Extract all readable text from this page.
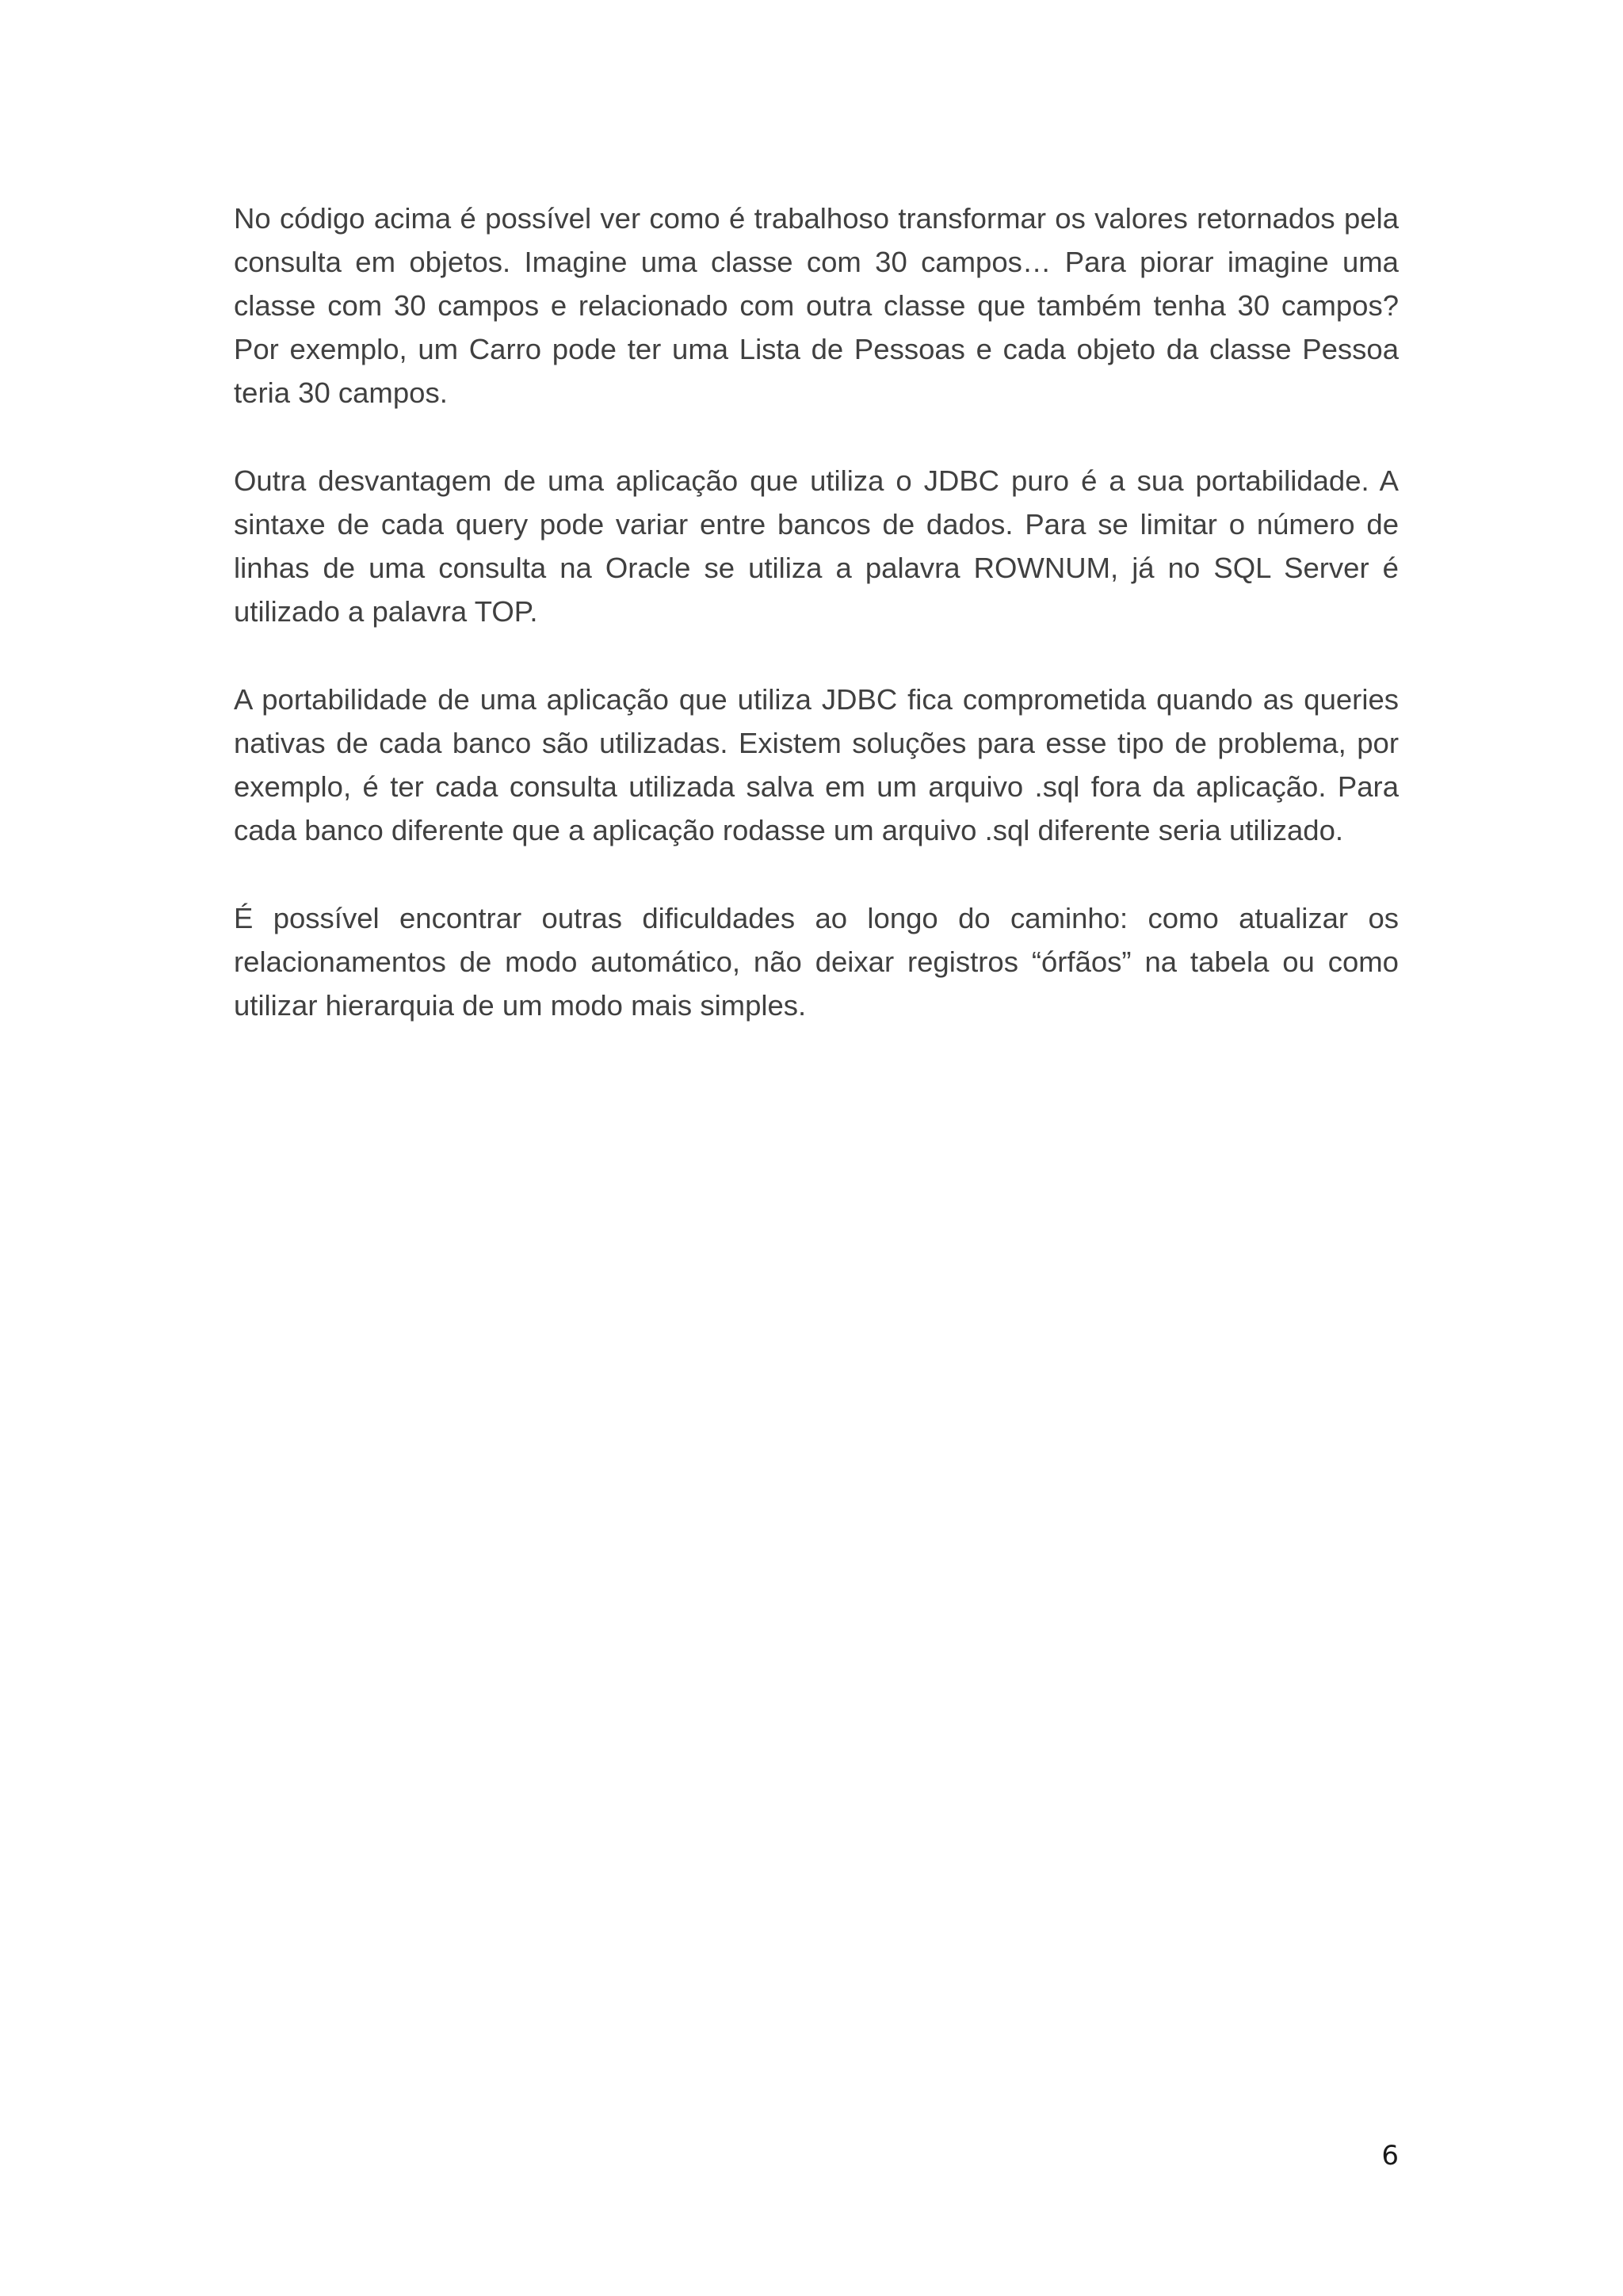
No código acima é possível ver como é trabalhoso transformar os valores retornados pela consulta em objetos. Imagine uma classe com 30 campos… Para piorar imagine uma classe com 30 campos e relacionado com outra classe que também tenha 30 campos? Por exemplo, um Carro pode ter uma Lista de Pessoas e cada objeto da classe Pessoa teria 30 campos.

Outra desvantagem de uma aplicação que utiliza o JDBC puro é a sua portabilidade. A sintaxe de cada query pode variar entre bancos de dados. Para se limitar o número de linhas de uma consulta na Oracle se utiliza a palavra ROWNUM, já no SQL Server é utilizado a palavra TOP.

A portabilidade de uma aplicação que utiliza JDBC fica comprometida quando as queries nativas de cada banco são utilizadas. Existem soluções para esse tipo de problema, por exemplo, é ter cada consulta utilizada salva em um arquivo .sql fora da aplicação. Para cada banco diferente que a aplicação rodasse um arquivo .sql diferente seria utilizado.

É possível encontrar outras dificuldades ao longo do caminho: como atualizar os relacionamentos de modo automático, não deixar registros “órfãos” na tabela ou como utilizar hierarquia de um modo mais simples.

6
